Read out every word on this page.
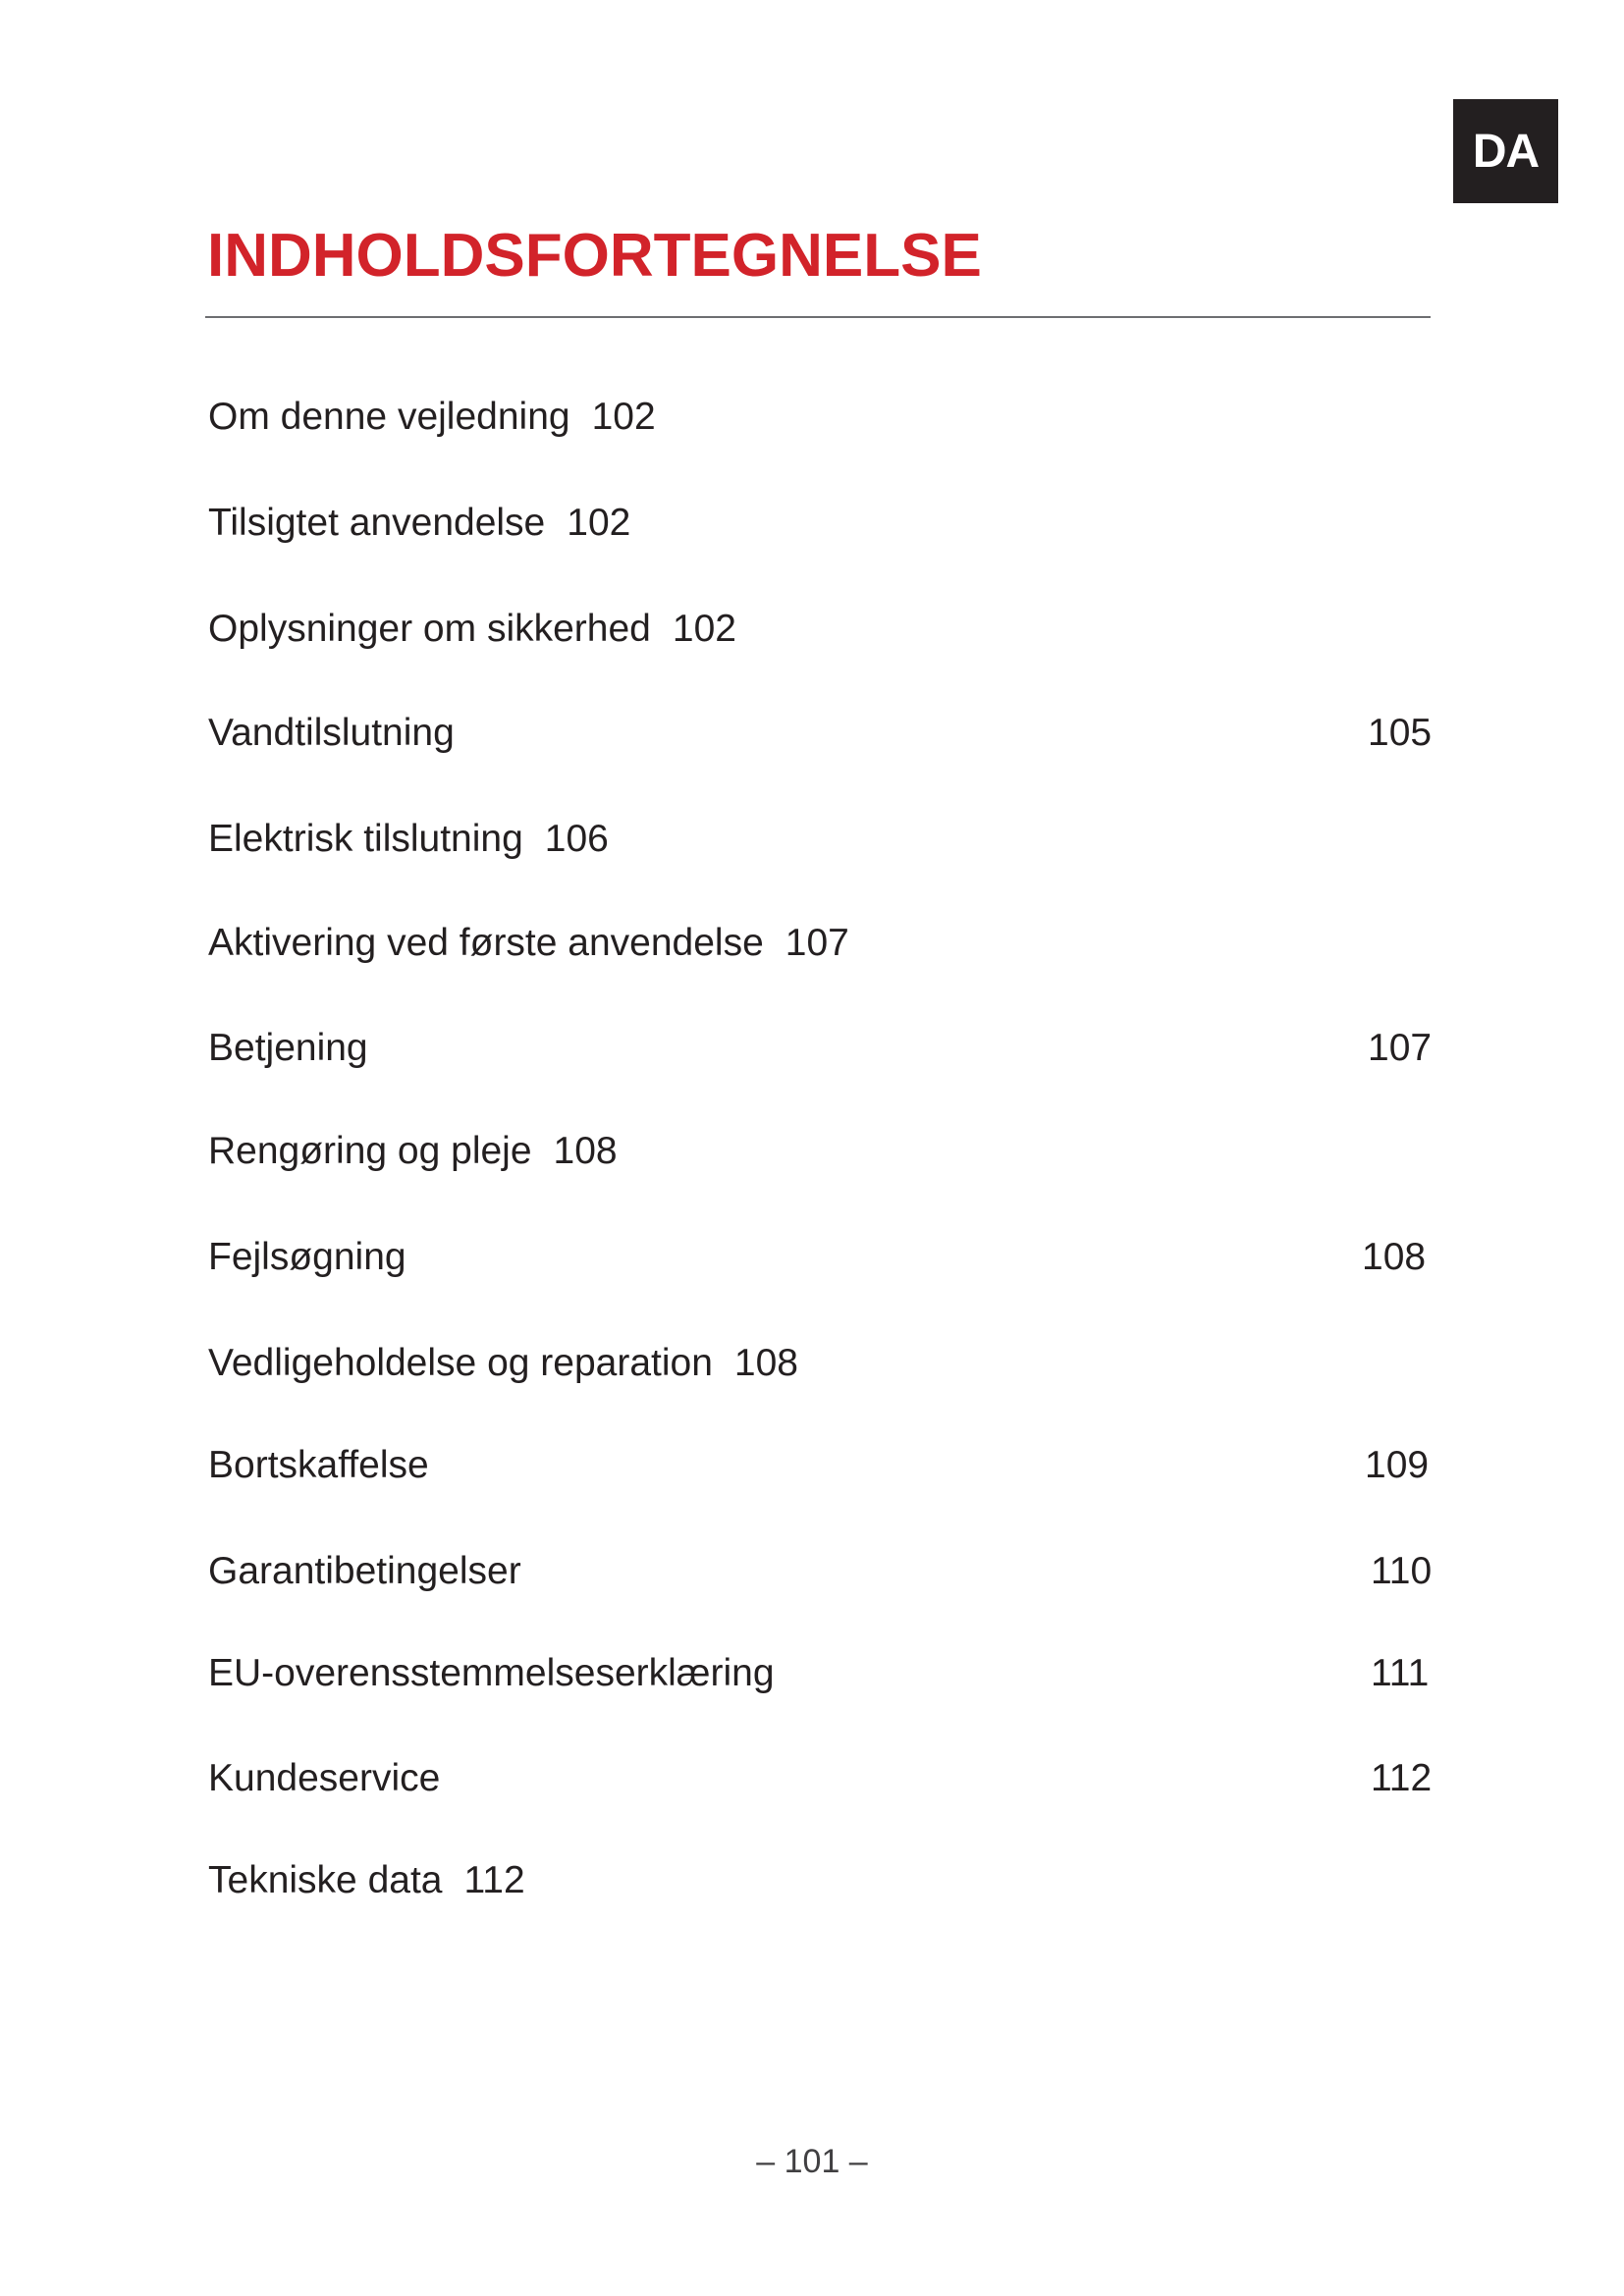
DA
INDHOLDSFORTEGNELSE
Om denne vejledning 102
Tilsigtet anvendelse 102
Oplysninger om sikkerhed 102
Vandtilslutning	105
Elektrisk tilslutning 106
Aktivering ved første anvendelse 107
Betjening	107
Rengøring og pleje 108
Fejlsøgning	108
Vedligeholdelse og reparation 108
Bortskaffelse	109
Garantibetingelser	110
EU-overensstemmelseserklæring	111
Kundeservice	112
Tekniske data 112
– 101 –
